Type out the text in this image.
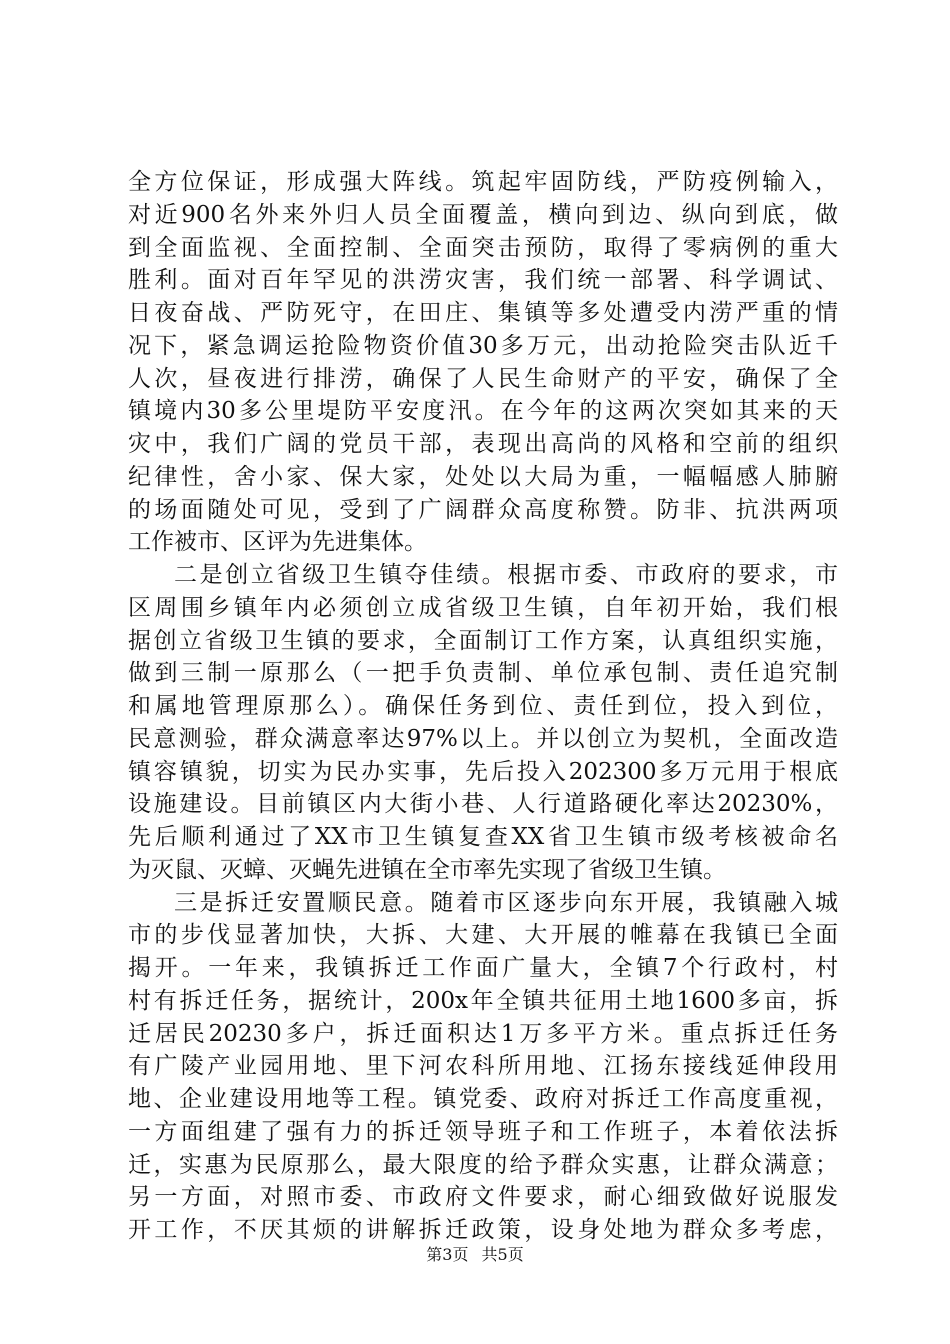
全方位保证，形成强大阵线。筑起牢固防线，严防疫例输入，
对近900名外来外归人员全面覆盖，横向到边、纵向到底，做
到全面监视、全面控制、全面突击预防，取得了零病例的重大
胜利。面对百年罕见的洪涝灾害，我们统一部署、科学调试、
日夜奋战、严防死守，在田庄、集镇等多处遭受内涝严重的情
况下，紧急调运抢险物资价值30多万元，出动抢险突击队近千
人次，昼夜进行排涝，确保了人民生命财产的平安，确保了全
镇境内30多公里堤防平安度汛。在今年的这两次突如其来的天
灾中，我们广阔的党员干部，表现出高尚的风格和空前的组织
纪律性，舍小家、保大家，处处以大局为重，一幅幅感人肺腑
的场面随处可见，受到了广阔群众高度称赞。防非、抗洪两项
工作被市、区评为先进集体。
二是创立省级卫生镇夺佳绩。根据市委、市政府的要求，市
区周围乡镇年内必须创立成省级卫生镇，自年初开始，我们根
据创立省级卫生镇的要求，全面制订工作方案，认真组织实施，
做到三制一原那么（一把手负责制、单位承包制、责任追究制
和属地管理原那么）。确保任务到位、责任到位，投入到位，
民意测验，群众满意率达97%以上。并以创立为契机，全面改造
镇容镇貌，切实为民办实事，先后投入202300多万元用于根底
设施建设。目前镇区内大街小巷、人行道路硬化率达20230%，
先后顺利通过了XX市卫生镇复查XX省卫生镇市级考核被命名
为灭鼠、灭蟑、灭蝇先进镇在全市率先实现了省级卫生镇。
三是拆迁安置顺民意。随着市区逐步向东开展，我镇融入城
市的步伐显著加快，大拆、大建、大开展的帷幕在我镇已全面
揭开。一年来，我镇拆迁工作面广量大，全镇7个行政村，村
村有拆迁任务，据统计，200x年全镇共征用土地1600多亩，拆
迁居民20230多户，拆迁面积达1万多平方米。重点拆迁任务
有广陵产业园用地、里下河农科所用地、江扬东接线延伸段用
地、企业建设用地等工程。镇党委、政府对拆迁工作高度重视，
一方面组建了强有力的拆迁领导班子和工作班子，本着依法拆
迁，实惠为民原那么，最大限度的给予群众实惠，让群众满意；
另一方面，对照市委、市政府文件要求，耐心细致做好说服发
开工作，不厌其烦的讲解拆迁政策，设身处地为群众多考虑，
第3页 共5页
